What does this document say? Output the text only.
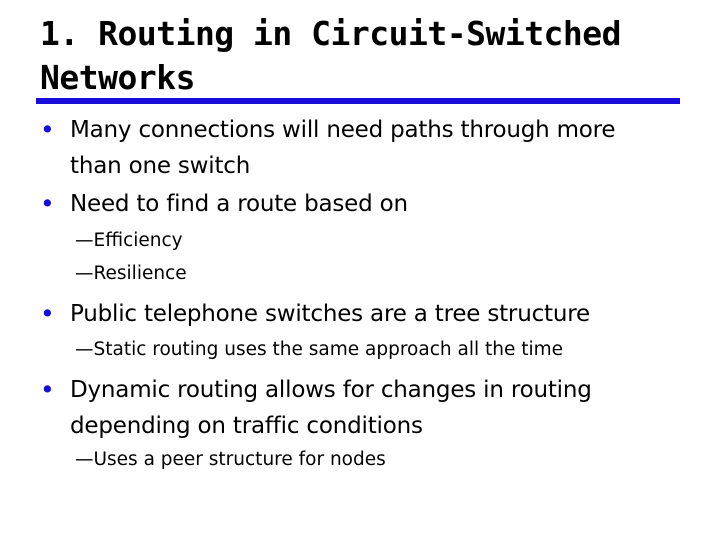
1. Routing in Circuit-Switched
Networks
• Many connections will need paths through more
than one switch
• Need to find a route based on
—Efficiency
—Resilience
• Public telephone switches are a tree structure
—Static routing uses the same approach all the time
• Dynamic routing allows for changes in routing
depending on traffic conditions
—Uses a peer structure for nodes
